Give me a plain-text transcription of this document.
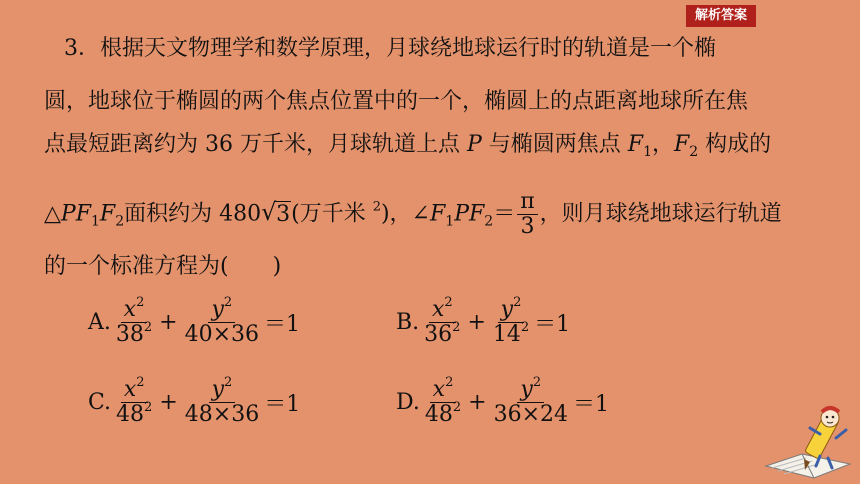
解析答案
3．根据天文物理学和数学原理，月球绕地球运行时的轨道是一个椭
圆，地球位于椭圆的两个焦点位置中的一个，椭圆上的点距离地球所在焦
点最短距离约为 36 万千米，月球轨道上点 P 与椭圆两焦点 $F_1$，$F_2$ 构成的
$\triangle PF_1F_2$面积约为 480√ 3(万千米 $^2$)，$\angle F_1PF_2= \frac{\pi}{3}$ ，则月球绕地球运行轨道
的一个标准方程为(　　)
A. $\frac{x^2}{38^2} + \frac{y^2}{40\times 36} =1$	B. $\frac{x^2}{36^2} + \frac{y^2}{14^2} =1$
C. $\frac{x^2}{48^2} + \frac{y^2}{48\times 36} =1$	D. $\frac{x^2}{48^2} + \frac{y^2}{36\times 24} =1$
